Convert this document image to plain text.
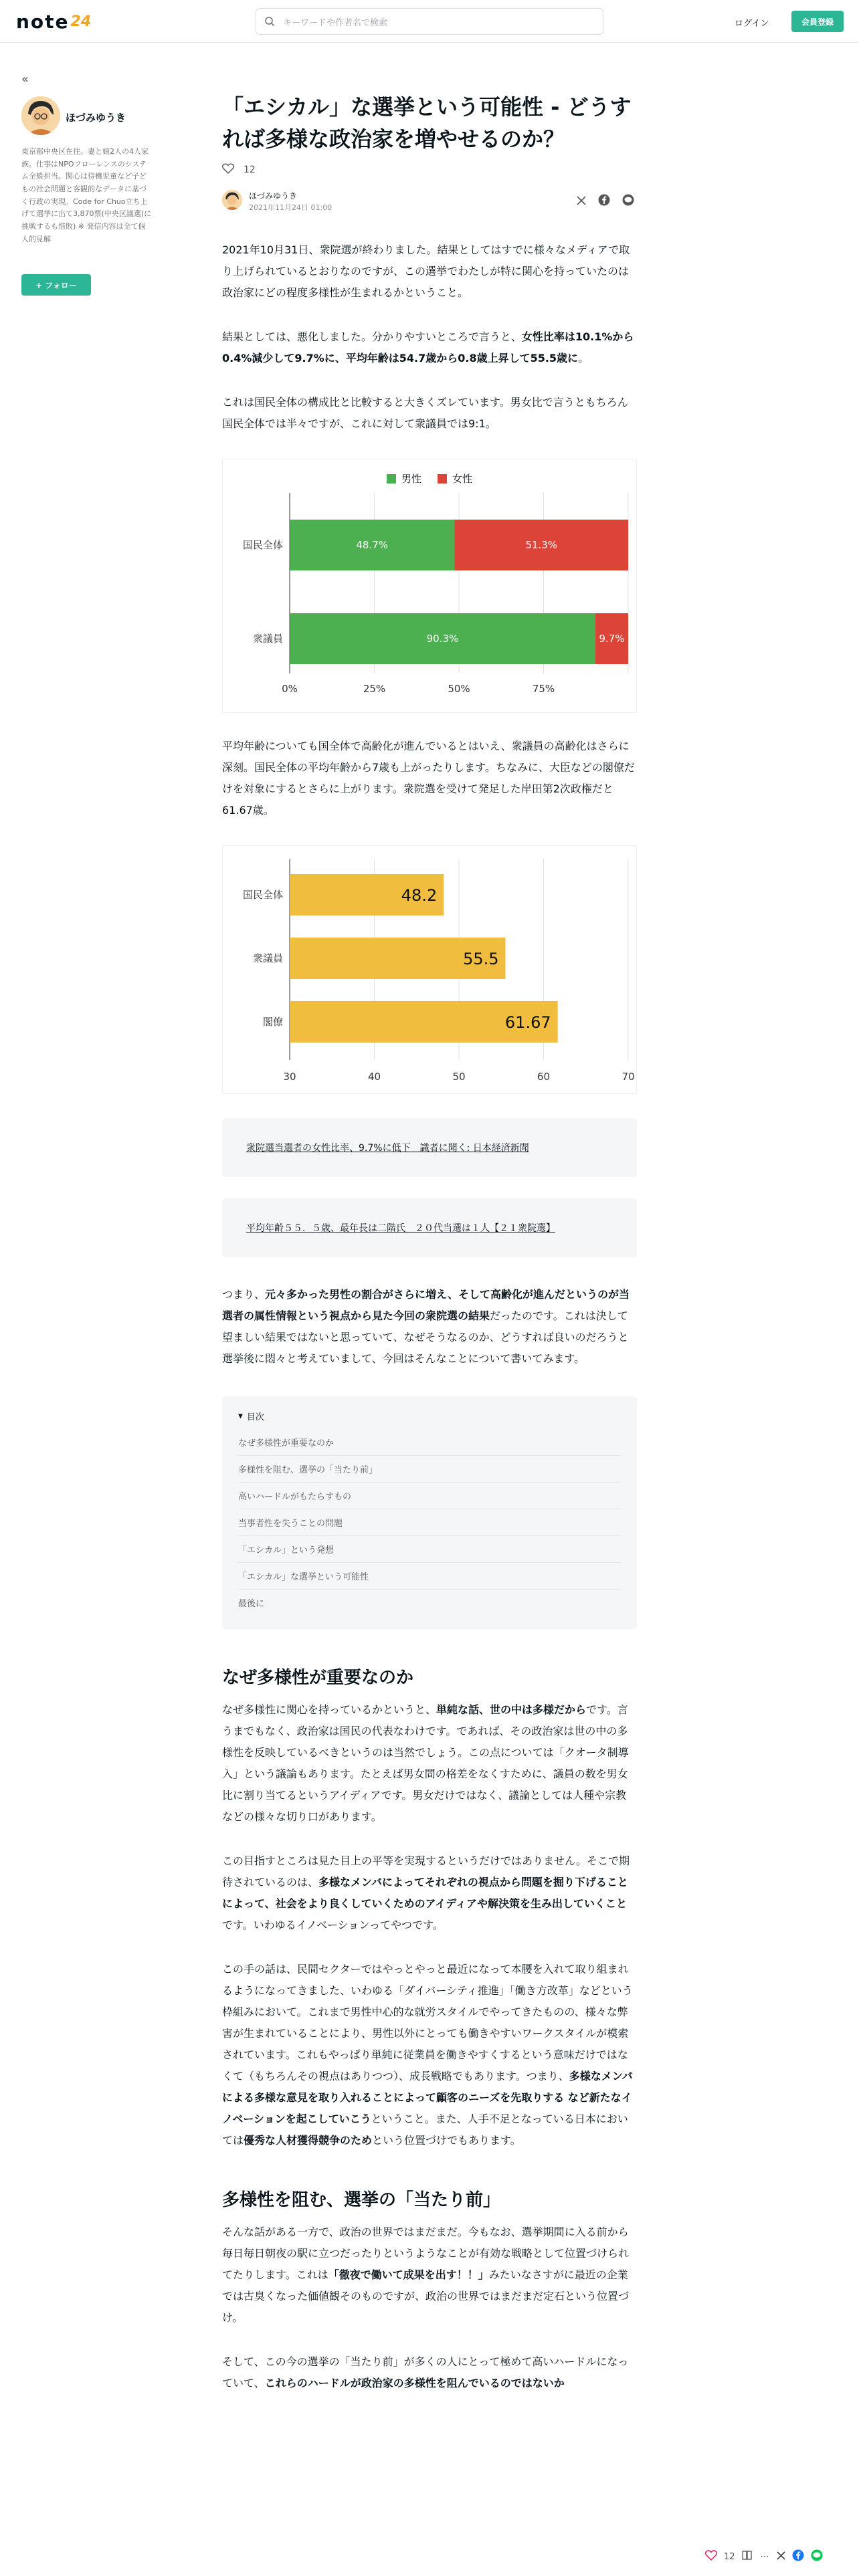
note 24	キーワードや作者名で検索	ログイン	会員登録
«
ほづみゆうき

東京都中央区在住。妻と娘2人の4人家族。仕事はNPOフローレンスのシステム全般担当。関心は待機児童など子どもの社会問題と客観的なデータに基づく行政の実現。Code for Chuo立ち上げて選挙に出て3,870票(中央区議選)に挑戦するも惜敗) ※ 発信内容は全て個人的見解

+ フォロー
「エシカル」な選挙という可能性 - どうすれば多様な政治家を増やせるのか？
12
ほづみゆうき
2021年11月24日 01:00

2021年10月31日、衆院選が終わりました。結果としてはすでに様々なメディアで取り上げられているとおりなのですが、この選挙でわたしが特に関心を持っていたのは政治家にどの程度多様性が生まれるかということ。

結果としては、悪化しました。分かりやすいところで言うと、女性比率は10.1%から0.4%減少して9.7%に、平均年齢は54.7歳から0.8歳上昇して55.5歳に。

これは国民全体の構成比と比較すると大きくズレています。男女比で言うともちろん国民全体では半々ですが、これに対して衆議員では9:1。

男性	女性
0%	25%	50%	75%
国民全体	48.7%	51.3%
衆議員	90.3%	9.7%

平均年齢についても国全体で高齢化が進んでいるとはいえ、衆議員の高齢化はさらに深刻。国民全体の平均年齢から7歳も上がったりします。ちなみに、大臣などの閣僚だけを対象にするとさらに上がります。衆院選を受けて発足した岸田第2次政権だと61.67歳。

30	40	50	60	70
国民全体	48.2
衆議員	55.5
閣僚	61.67
衆院選当選者の女性比率、9.7%に低下　識者に聞く: 日本経済新聞
平均年齢５５．５歳、最年長は二階氏　２０代当選は１人【２１衆院選】

つまり、元々多かった男性の割合がさらに増え、そして高齢化が進んだというのが当選者の属性情報という視点から見た今回の衆院選の結果だったのです。これは決して望ましい結果ではないと思っていて、なぜそうなるのか、どうすれば良いのだろうと選挙後に悶々と考えていまして、今回はそんなことについて書いてみます。

▼ 目次
なぜ多様性が重要なのか
多様性を阻む、選挙の「当たり前」
高いハードルがもたらすもの
当事者性を失うことの問題
「エシカル」という発想
「エシカル」な選挙という可能性
最後に
なぜ多様性が重要なのか

なぜ多様性に関心を持っているかというと、単純な話、世の中は多様だからです。言うまでもなく、政治家は国民の代表なわけです。であれば、その政治家は世の中の多様性を反映しているべきというのは当然でしょう。この点については「クオータ制導入」という議論もあります。たとえば男女間の格差をなくすために、議員の数を男女比に割り当てるというアイディアです。男女だけではなく、議論としては人種や宗教などの様々な切り口があります。

この目指すところは見た目上の平等を実現するというだけではありません。そこで期待されているのは、多様なメンバによってそれぞれの視点から問題を掘り下げることによって、社会をより良くしていくためのアイディアや解決策を生み出していくことです。いわゆるイノベーションってやつです。

この手の話は、民間セクターではやっとやっと最近になって本腰を入れて取り組まれるようになってきました、いわゆる「ダイバーシティ推進」「働き方改革」などという枠組みにおいて。これまで男性中心的な就労スタイルでやってきたものの、様々な弊害が生まれていることにより、男性以外にとっても働きやすいワークスタイルが模索されています。これもやっぱり単純に従業員を働きやすくするという意味だけではなくて（もちろんその視点はありつつ）、成長戦略でもあります。つまり、多様なメンバによる多様な意見を取り入れることによって顧客のニーズを先取りする など新たなイノベーションを起こしていこうということ。また、人手不足となっている日本においては優秀な人材獲得競争のためという位置づけでもあります。

多様性を阻む、選挙の「当たり前」

そんな話がある一方で、政治の世界ではまだまだ。今もなお、選挙期間に入る前から毎日毎日朝夜の駅に立つだったりというようなことが有効な戦略として位置づけられてたりします。これは「徹夜で働いて成果を出す！！」みたいなさすがに最近の企業では古臭くなった価値観そのものですが、政治の世界ではまだまだ定石という位置づけ。

そして、この今の選挙の「当たり前」が多くの人にとって極めて高いハードルになっていて、これらのハードルが政治家の多様性を阻んでいるのではないか

12	⋯
